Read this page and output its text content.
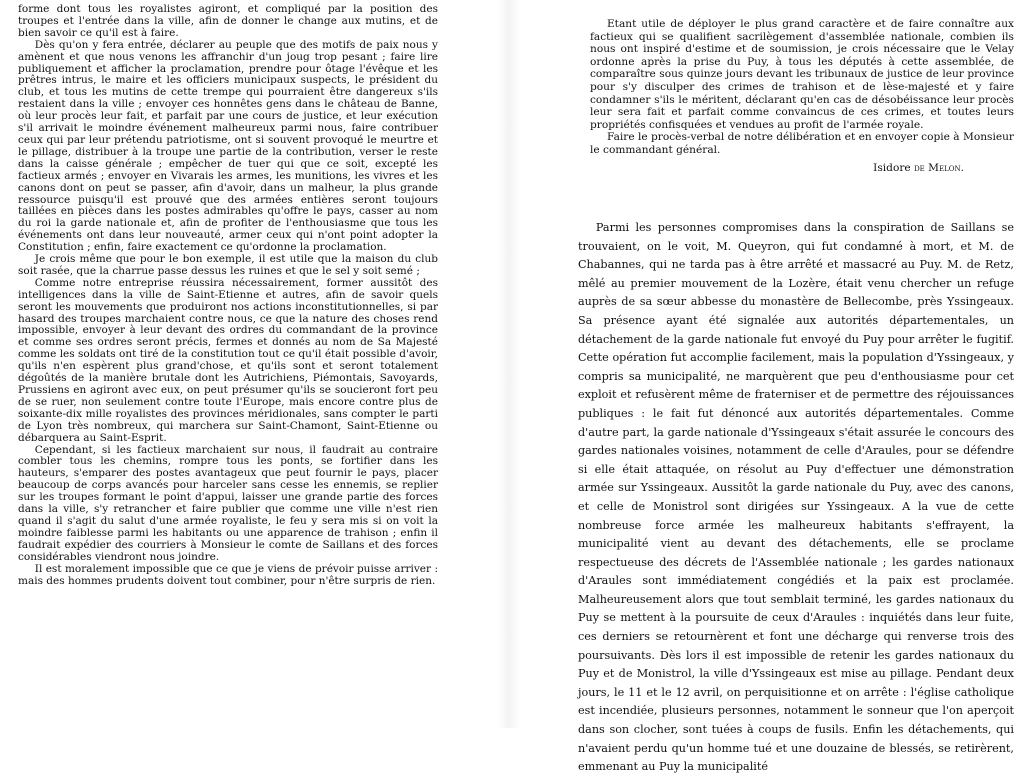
forme dont tous les royalistes agiront, et compliqué par la position des troupes et l'entrée dans la ville, afin de donner le change aux mutins, et de bien savoir ce qu'il est à faire.

Dès qu'on y fera entrée, déclarer au peuple que des motifs de paix nous y amènent et que nous venons les affranchir d'un joug trop pesant ; faire lire publiquement et afficher la proclamation, prendre pour ôtage l'évêque et les prêtres intrus, le maire et les officiers municipaux suspects, le président du club, et tous les mutins de cette trempe qui pourraient être dangereux s'ils restaient dans la ville ; envoyer ces honnêtes gens dans le château de Banne, où leur procès leur fait, et parfait par une cours de justice, et leur exécution s'il arrivait le moindre événement malheureux parmi nous, faire contribuer ceux qui par leur prétendu patriotisme, ont si souvent provoqué le meurtre et le pillage, distribuer à la troupe une partie de la contribution, verser le reste dans la caisse générale ; empêcher de tuer qui que ce soit, excepté les factieux armés ; envoyer en Vivarais les armes, les munitions, les vivres et les canons dont on peut se passer, afin d'avoir, dans un malheur, la plus grande ressource puisqu'il est prouvé que des armées entières seront toujours taillées en pièces dans les postes admirables qu'offre le pays, casser au nom du roi la garde nationale et, afin de profiter de l'enthousiasme que tous les événements ont dans leur nouveauté, armer ceux qui n'ont point adopter la Constitution ; enfin, faire exactement ce qu'ordonne la proclamation.

Je crois même que pour le bon exemple, il est utile que la maison du club soit rasée, que la charrue passe dessus les ruines et que le sel y soit semé ;

Comme notre entreprise réussira nécessairement, former aussitôt des intelligences dans la ville de Saint-Etienne et autres, afin de savoir quels seront les mouvements que produiront nos actions inconstitutionnelles, si par hasard des troupes marchaient contre nous, ce que la nature des choses rend impossible, envoyer à leur devant des ordres du commandant de la province et comme ses ordres seront précis, fermes et donnés au nom de Sa Majesté comme les soldats ont tiré de la constitution tout ce qu'il était possible d'avoir, qu'ils n'en espèrent plus grand'chose, et qu'ils sont et seront totalement dégoûtés de la manière brutale dont les Autrichiens, Piémontais, Savoyards, Prussiens en agiront avec eux, on peut présumer qu'ils se soucieront fort peu de se ruer, non seulement contre toute l'Europe, mais encore contre plus de soixante-dix mille royalistes des provinces méridionales, sans compter le parti de Lyon très nombreux, qui marchera sur Saint-Chamont, Saint-Etienne ou débarquera au Saint-Esprit.

Cependant, si les factieux marchaient sur nous, il faudrait au contraire combler tous les chemins, rompre tous les ponts, se fortifier dans les hauteurs, s'emparer des postes avantageux que peut fournir le pays, placer beaucoup de corps avancés pour harceler sans cesse les ennemis, se replier sur les troupes formant le point d'appui, laisser une grande partie des forces dans la ville, s'y retrancher et faire publier que comme une ville n'est rien quand il s'agit du salut d'une armée royaliste, le feu y sera mis si on voit la moindre faiblesse parmi les habitants ou une apparence de trahison ; enfin il faudrait expédier des courriers à Monsieur le comte de Saillans et des forces considérables viendront nous joindre.

Il est moralement impossible que ce que je viens de prévoir puisse arriver : mais des hommes prudents doivent tout combiner, pour n'être surpris de rien.

Etant utile de déployer le plus grand caractère et de faire connaître aux factieux qui se qualifient sacrilègement d'assemblée nationale, combien ils nous ont inspiré d'estime et de soumission, je crois nécessaire que le Velay ordonne après la prise du Puy, à tous les députés à cette assemblée, de comparaître sous quinze jours devant les tribunaux de justice de leur province pour s'y disculper des crimes de trahison et de lèse-majesté et y faire condamner s'ils le méritent, déclarant qu'en cas de désobéissance leur procès leur sera fait et parfait comme convaincus de ces crimes, et toutes leurs propriétés confisquées et vendues au profit de l'armée royale.

Faire le procès-verbal de notre délibération et en envoyer copie à Monsieur le commandant général.

Isidore de Melon.

Parmi les personnes compromises dans la conspiration de Saillans se trouvaient, on le voit, M. Queyron, qui fut condamné à mort, et M. de Chabannes, qui ne tarda pas à être arrêté et massacré au Puy. M. de Retz, mêlé au premier mouvement de la Lozère, était venu chercher un refuge auprès de sa sœur abbesse du monastère de Bellecombe, près Yssingeaux. Sa présence ayant été signalée aux autorités départementales, un détachement de la garde nationale fut envoyé du Puy pour arrêter le fugitif. Cette opération fut accomplie facilement, mais la population d'Yssingeaux, y compris sa municipalité, ne marquèrent que peu d'enthousiasme pour cet exploit et refusèrent même de fraterniser et de permettre des réjouissances publiques : le fait fut dénoncé aux autorités départementales. Comme d'autre part, la garde nationale d'Yssingeaux s'était assurée le concours des gardes nationales voisines, notamment de celle d'Araules, pour se défendre si elle était attaquée, on résolut au Puy d'effectuer une démonstration armée sur Yssingeaux. Aussitôt la garde nationale du Puy, avec des canons, et celle de Monistrol sont dirigées sur Yssingeaux. A la vue de cette nombreuse force armée les malheureux habitants s'effrayent, la municipalité vient au devant des détachements, elle se proclame respectueuse des décrets de l'Assemblée nationale ; les gardes nationaux d'Araules sont immédiatement congédiés et la paix est proclamée. Malheureusement alors que tout semblait terminé, les gardes nationaux du Puy se mettent à la poursuite de ceux d'Araules : inquiétés dans leur fuite, ces derniers se retournèrent et font une décharge qui renverse trois des poursuivants. Dès lors il est impossible de retenir les gardes nationaux du Puy et de Monistrol, la ville d'Yssingeaux est mise au pillage. Pendant deux jours, le 11 et le 12 avril, on perquisitionne et on arrête : l'église catholique est incendiée, plusieurs personnes, notamment le sonneur que l'on aperçoit dans son clocher, sont tuées à coups de fusils. Enfin les détachements, qui n'avaient perdu qu'un homme tué et une douzaine de blessés, se retirèrent, emmenant au Puy la municipalité
